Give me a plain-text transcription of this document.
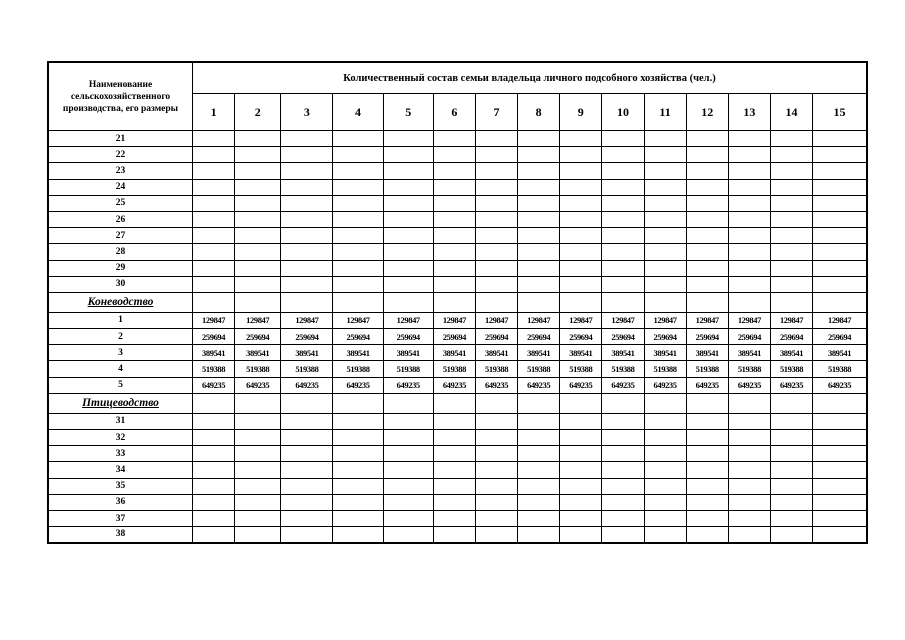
Наименование сельскохозяйственного производства, его размеры	Количественный состав семьи владельца личного подсобного хозяйства (чел.)														
	1	2	3	4	5	6	7	8	9	10	11	12	13	14	15
21															
22															
23															
24															
25															
26															
27															
28															
29															
30															
Коневодство															
1	129847	129847	129847	129847	129847	129847	129847	129847	129847	129847	129847	129847	129847	129847	129847
2	259694	259694	259694	259694	259694	259694	259694	259694	259694	259694	259694	259694	259694	259694	259694
3	389541	389541	389541	389541	389541	389541	389541	389541	389541	389541	389541	389541	389541	389541	389541
4	519388	519388	519388	519388	519388	519388	519388	519388	519388	519388	519388	519388	519388	519388	519388
5	649235	649235	649235	649235	649235	649235	649235	649235	649235	649235	649235	649235	649235	649235	649235
Птицеводство															
31															
32															
33															
34															
35															
36															
37															
38															
